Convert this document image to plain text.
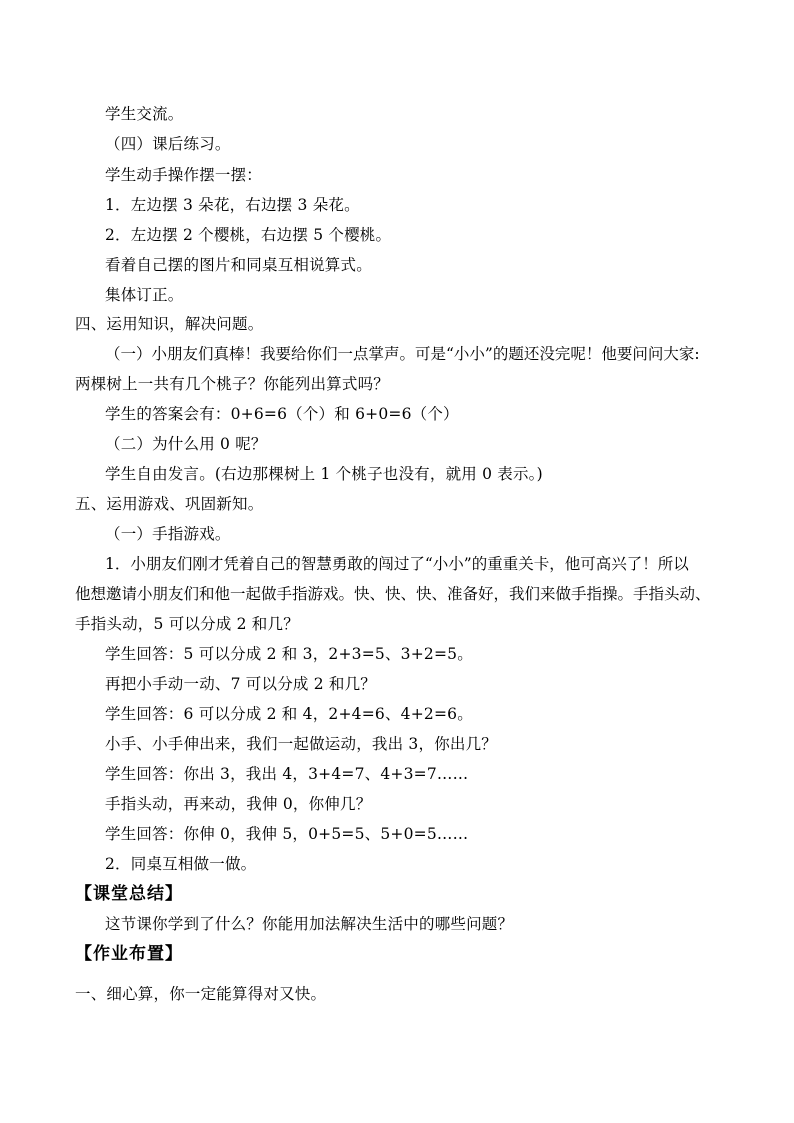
学生交流。
（四）课后练习。
学生动手操作摆一摆：
1．左边摆 3 朵花，右边摆 3 朵花。
2．左边摆 2 个樱桃，右边摆 5 个樱桃。
看着自己摆的图片和同桌互相说算式。
集体订正。
四、运用知识，解决问题。
（一）小朋友们真棒！我要给你们一点掌声。可是“小小”的题还没完呢！他要问问大家:
两棵树上一共有几个桃子？你能列出算式吗？
学生的答案会有：0+6=6（个）和 6+0=6（个）
（二）为什么用 0 呢？
学生自由发言。(右边那棵树上 1 个桃子也没有，就用 0 表示。)
五、运用游戏、巩固新知。
（一）手指游戏。
1．小朋友们刚才凭着自己的智慧勇敢的闯过了“小小”的重重关卡，他可高兴了！所以
他想邀请小朋友们和他一起做手指游戏。快、快、快、准备好，我们来做手指操。手指头动、
手指头动，5 可以分成 2 和几？
学生回答：5 可以分成 2 和 3，2+3=5、3+2=5。
再把小手动一动、7 可以分成 2 和几？
学生回答：6 可以分成 2 和 4，2+4=6、4+2=6。
小手、小手伸出来，我们一起做运动，我出 3，你出几？
学生回答：你出 3，我出 4，3+4=7、4+3=7……
手指头动，再来动，我伸 0，你伸几？
学生回答：你伸 0，我伸 5，0+5=5、5+0=5……
2．同桌互相做一做。
【课堂总结】
这节课你学到了什么？你能用加法解决生活中的哪些问题？
【作业布置】
一、细心算，你一定能算得对又快。
